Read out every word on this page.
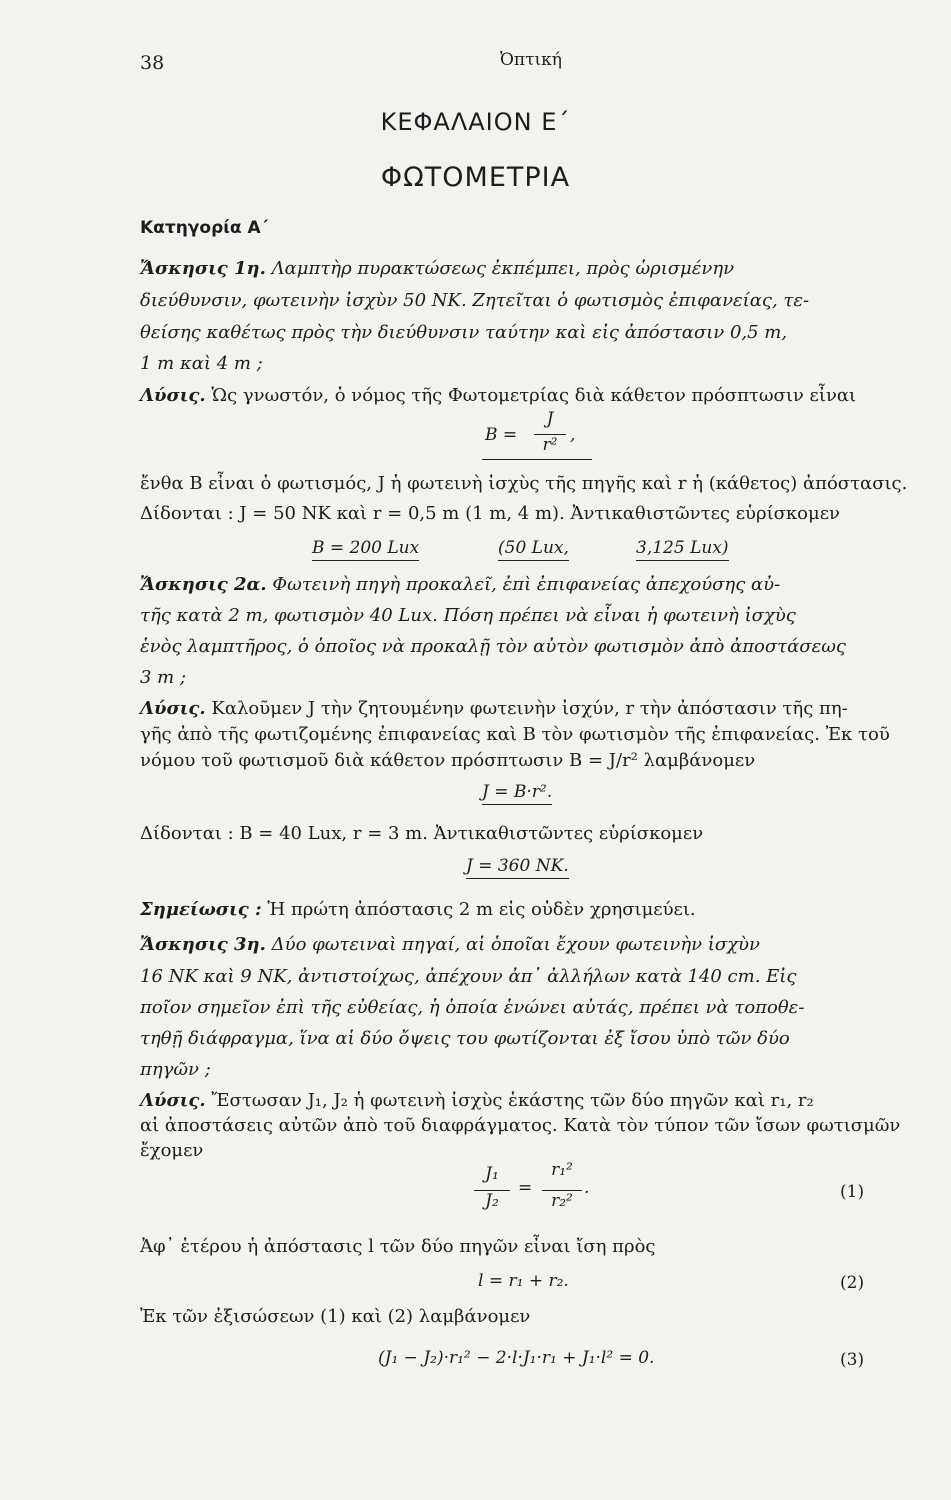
38	Ὀπτική
ΚΕΦΑΛΑΙΟΝ Ε΄
ΦΩΤΟΜΕΤΡΙΑ
Κατηγορία Α΄
Ἄσκησις 1η. Λαμπτὴρ πυρακτώσεως ἐκπέμπει, πρὸς ὡρισμένην
διεύθυνσιν, φωτεινὴν ἰσχὺν 50 ΝΚ. Ζητεῖται ὁ φωτισμὸς ἐπιφανείας, τε-
θείσης καθέτως πρὸς τὴν διεύθυνσιν ταύτην καὶ εἰς ἀπόστασιν 0,5 m,
1 m καὶ 4 m ;
Λύσις. Ὡς γνωστόν, ὁ νόμος τῆς Φωτομετρίας διὰ κάθετον πρόσπτωσιν εἶναι
B =
J
r² ,
ἔνθα B εἶναι ὁ φωτισμός, J ἡ φωτεινὴ ἰσχὺς τῆς πηγῆς καὶ r ἡ (κάθετος) ἀπόστασις.
Δίδονται : J = 50 NK καὶ r = 0,5 m (1 m, 4 m). Ἀντικαθιστῶντες εὑρίσκομεν
B = 200 Lux	(50 Lux,	3,125 Lux)
Ἄσκησις 2α. Φωτεινὴ πηγὴ προκαλεῖ, ἐπὶ ἐπιφανείας ἀπεχούσης αὐ-
τῆς κατὰ 2 m, φωτισμὸν 40 Lux. Πόση πρέπει νὰ εἶναι ἡ φωτεινὴ ἰσχὺς
ἑνὸς λαμπτῆρος, ὁ ὁποῖος νὰ προκαλῇ τὸν αὐτὸν φωτισμὸν ἀπὸ ἀποστάσεως
3 m ;
Λύσις. Καλοῦμεν J τὴν ζητουμένην φωτεινὴν ἰσχύν, r τὴν ἀπόστασιν τῆς πη-
γῆς ἀπὸ τῆς φωτιζομένης ἐπιφανείας καὶ B τὸν φωτισμὸν τῆς ἐπιφανείας. Ἐκ τοῦ
νόμου τοῦ φωτισμοῦ διὰ κάθετον πρόσπτωσιν B = J/r² λαμβάνομεν
J = B·r².
Δίδονται : B = 40 Lux, r = 3 m. Ἀντικαθιστῶντες εὑρίσκομεν
J = 360 NK.
Σημείωσις : Ἡ πρώτη ἀπόστασις 2 m εἰς οὐδὲν χρησιμεύει.
Ἄσκησις 3η. Δύο φωτειναὶ πηγαί, αἱ ὁποῖαι ἔχουν φωτεινὴν ἰσχὺν
16 NK καὶ 9 NK, ἀντιστοίχως, ἀπέχουν ἀπ᾽ ἀλλήλων κατὰ 140 cm. Εἰς
ποῖον σημεῖον ἐπὶ τῆς εὐθείας, ἡ ὁποία ἑνώνει αὐτάς, πρέπει νὰ τοποθε-
τηθῇ διάφραγμα, ἵνα αἱ δύο ὄψεις του φωτίζονται ἐξ ἴσου ὑπὸ τῶν δύο
πηγῶν ;
Λύσις. Ἔστωσαν J₁, J₂ ἡ φωτεινὴ ἰσχὺς ἑκάστης τῶν δύο πηγῶν καὶ r₁, r₂
αἱ ἀποστάσεις αὐτῶν ἀπὸ τοῦ διαφράγματος. Κατὰ τὸν τύπον τῶν ἴσων φωτισμῶν
ἔχομεν
J₁
J₂
=
r₁²
r₂²
.	(1)
Ἀφ᾽ ἑτέρου ἡ ἀπόστασις l τῶν δύο πηγῶν εἶναι ἴση πρὸς
l = r₁ + r₂.	(2)
Ἐκ τῶν ἐξισώσεων (1) καὶ (2) λαμβάνομεν
(J₁ − J₂)·r₁² − 2·l·J₁·r₁ + J₁·l² = 0.	(3)
